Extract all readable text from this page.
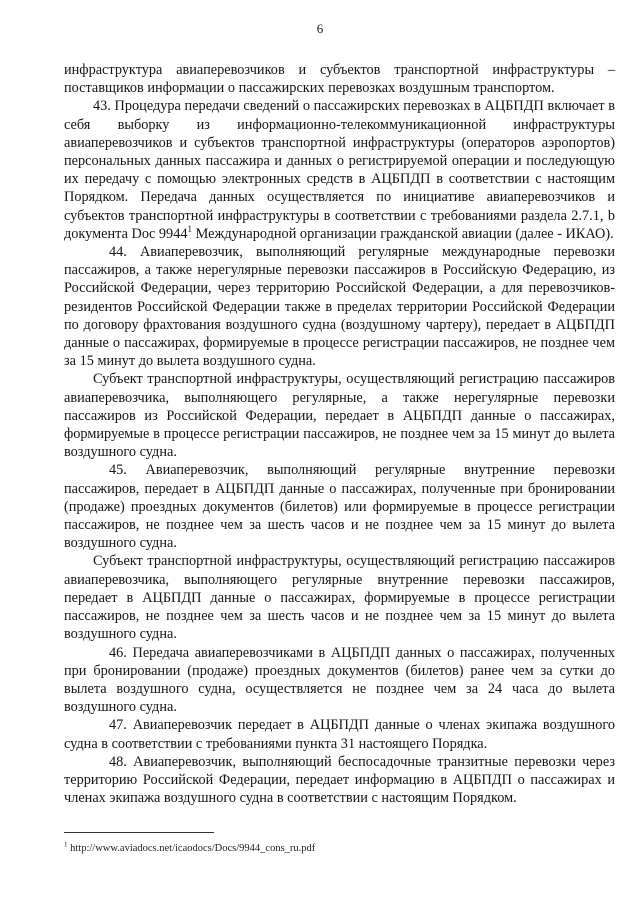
6

инфраструктура авиаперевозчиков и субъектов транспортной инфраструктуры – поставщиков информации о пассажирских перевозках воздушным транспортом.

43. Процедура передачи сведений о пассажирских перевозках в АЦБПДП включает в себя выборку из информационно-телекоммуникационной инфраструктуры авиаперевозчиков и субъектов транспортной инфраструктуры (операторов аэропортов) персональных данных пассажира и данных о регистрируемой операции и последующую их передачу с помощью электронных средств в АЦБПДП в соответствии с настоящим Порядком. Передача данных осуществляется по инициативе авиаперевозчиков и субъектов транспортной инфраструктуры в соответствии с требованиями раздела 2.7.1, b документа Doc 9944$^1$ Международной организации гражданской авиации (далее - ИКАО).

44. Авиаперевозчик, выполняющий регулярные международные перевозки пассажиров, а также нерегулярные перевозки пассажиров в Российскую Федерацию, из Российской Федерации, через территорию Российской Федерации, а для перевозчиков-резидентов Российской Федерации также в пределах территории Российской Федерации по договору фрахтования воздушного судна (воздушному чартеру), передает в АЦБПДП данные о пассажирах, формируемые в процессе регистрации пассажиров, не позднее чем за 15 минут до вылета воздушного судна.

Субъект транспортной инфраструктуры, осуществляющий регистрацию пассажиров авиаперевозчика, выполняющего регулярные, а также нерегулярные перевозки пассажиров из Российской Федерации, передает в АЦБПДП данные о пассажирах, формируемые в процессе регистрации пассажиров, не позднее чем за 15 минут до вылета воздушного судна.

45. Авиаперевозчик, выполняющий регулярные внутренние перевозки пассажиров, передает в АЦБПДП данные о пассажирах, полученные при бронировании (продаже) проездных документов (билетов) или формируемые в процессе регистрации пассажиров, не позднее чем за шесть часов и не позднее чем за 15 минут до вылета воздушного судна.

Субъект транспортной инфраструктуры, осуществляющий регистрацию пассажиров авиаперевозчика, выполняющего регулярные внутренние перевозки пассажиров, передает в АЦБПДП данные о пассажирах, формируемые в процессе регистрации пассажиров, не позднее чем за шесть часов и не позднее чем за 15 минут до вылета воздушного судна.

46. Передача авиаперевозчиками в АЦБПДП данных о пассажирах, полученных при бронировании (продаже) проездных документов (билетов) ранее чем за сутки до вылета воздушного судна, осуществляется не позднее чем за 24 часа до вылета воздушного судна.

47. Авиаперевозчик передает в АЦБПДП данные о членах экипажа воздушного судна в соответствии с требованиями пункта 31 настоящего Порядка.

48. Авиаперевозчик, выполняющий беспосадочные транзитные перевозки через территорию Российской Федерации, передает информацию в АЦБПДП о пассажирах и членах экипажа воздушного судна в соответствии с настоящим Порядком.

$^1$ http://www.aviadocs.net/icaodocs/Docs/9944_cons_ru.pdf
